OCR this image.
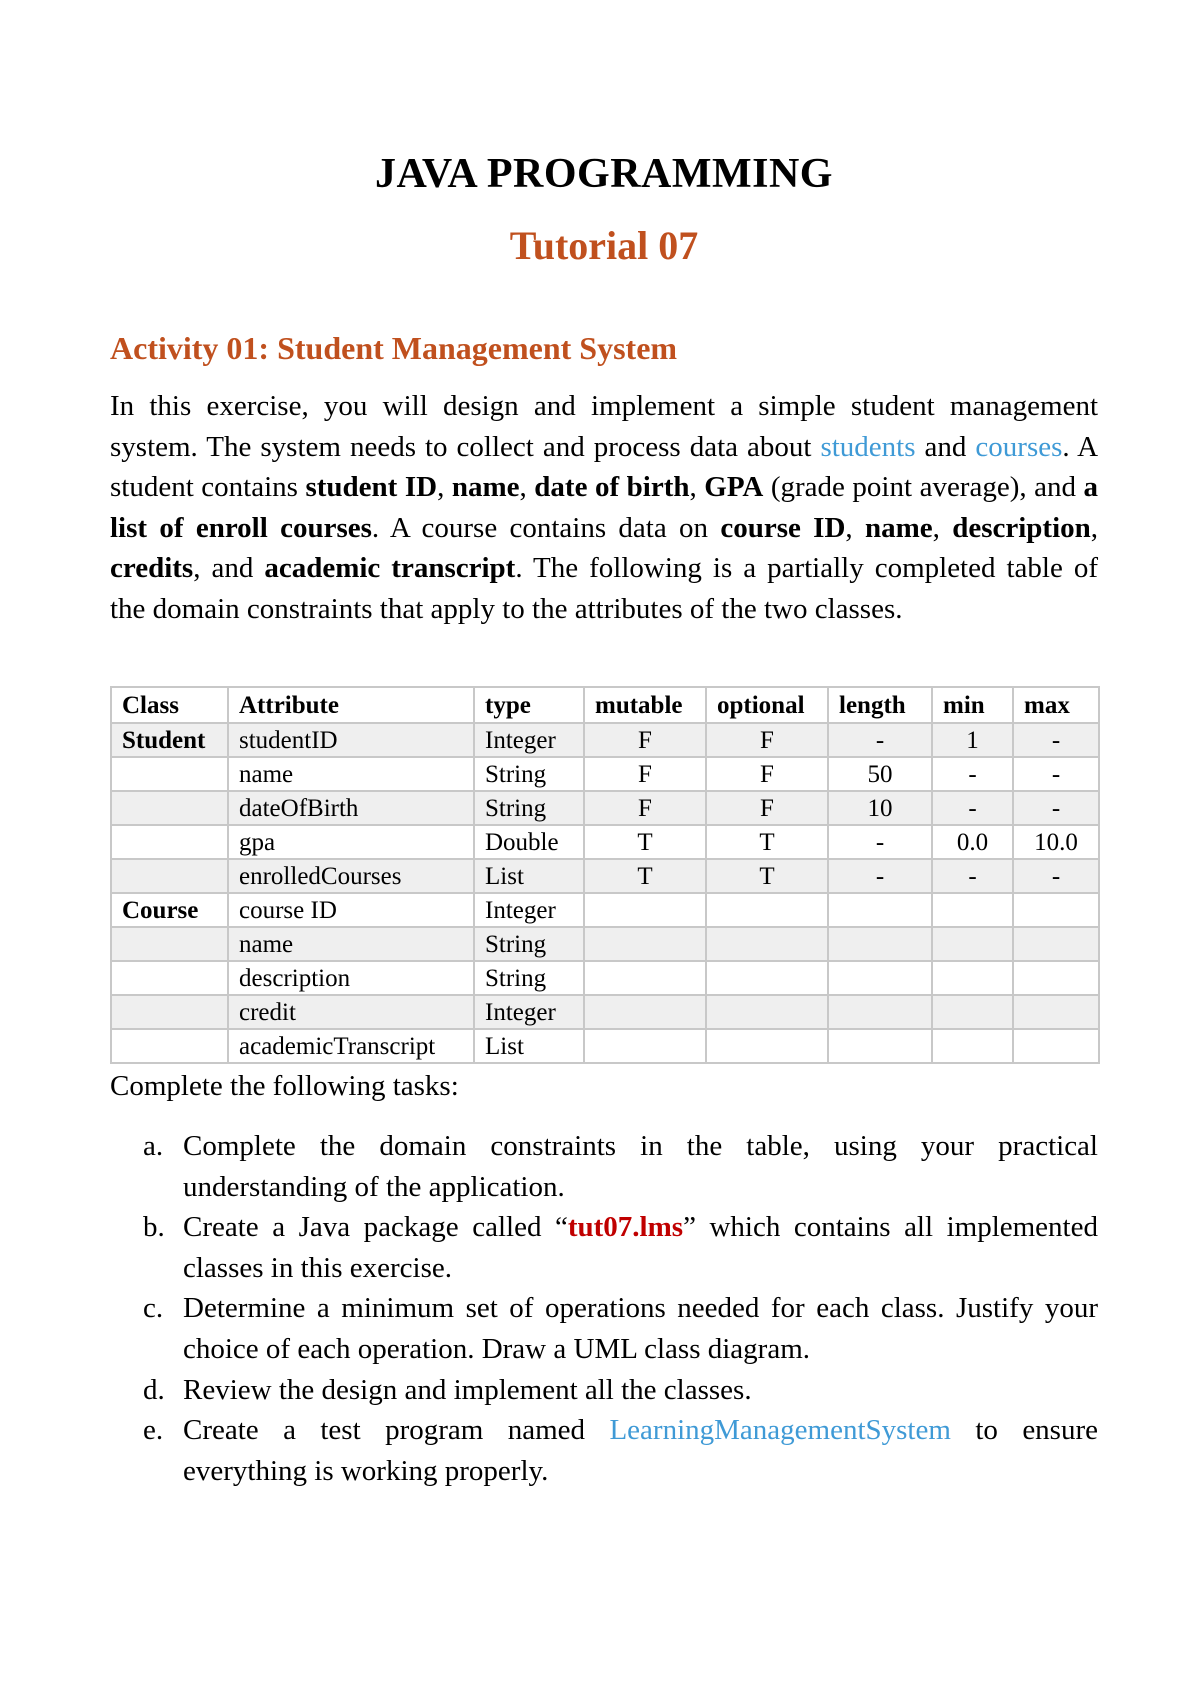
JAVA PROGRAMMING
Tutorial 07
Activity 01: Student Management System

In this exercise, you will design and implement a simple student management system. The system needs to collect and process data about students and courses. A student contains student ID, name, date of birth, GPA (grade point average), and a list of enroll courses. A course contains data on course ID, name, description, credits, and academic transcript. The following is a partially completed table of the domain constraints that apply to the attributes of the two classes.

Class	Attribute	type	mutable	optional	length	min	max
Student	studentID	Integer	F	F	-	1	-
	name	String	F	F	50	-	-
	dateOfBirth	String	F	F	10	-	-
	gpa	Double	T	T	-	0.0	10.0
	enrolledCourses	List	T	T	-	-	-
Course	course ID	Integer					
	name	String					
	description	String					
	credit	Integer					
	academicTranscript	List					
Complete the following tasks:
a. Complete the domain constraints in the table, using your practical understanding of the application.
b. Create a Java package called “tut07.lms” which contains all implemented classes in this exercise.
c. Determine a minimum set of operations needed for each class. Justify your choice of each operation. Draw a UML class diagram.
d. Review the design and implement all the classes.
e. Create a test program named LearningManagementSystem to ensure everything is working properly.
